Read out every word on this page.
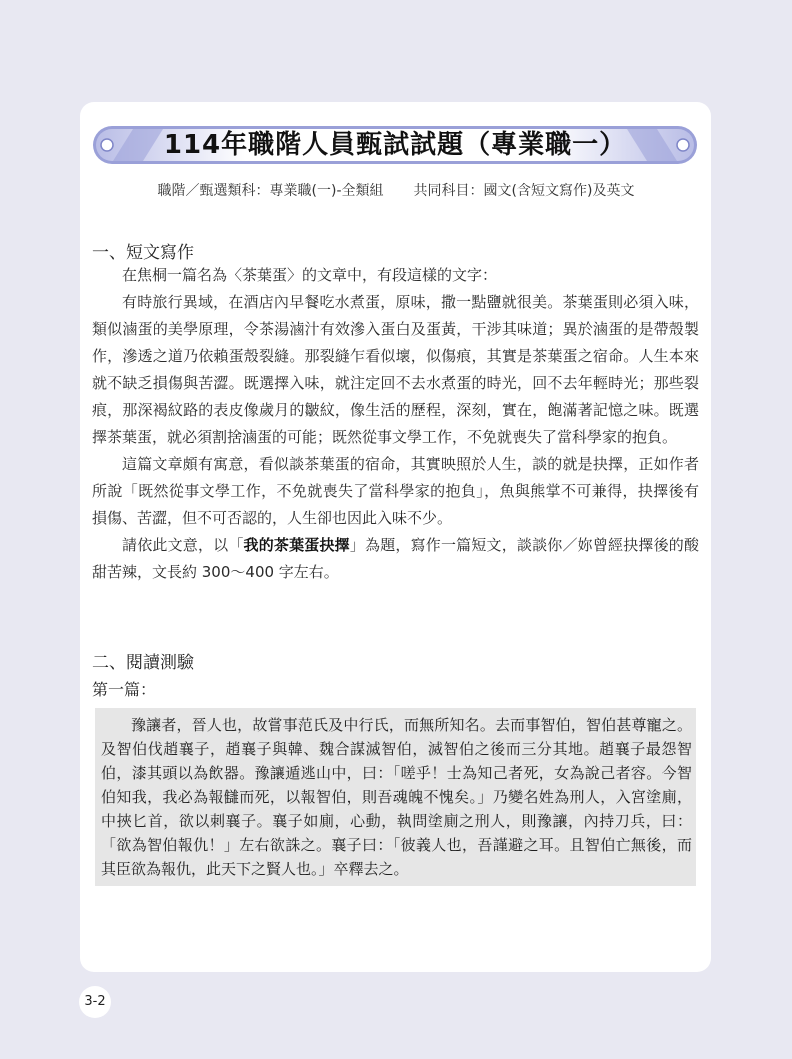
114年職階人員甄試試題（專業職一）
職階／甄選類科：專業職(一)-全類組 共同科目：國文(含短文寫作)及英文
一、短文寫作

在焦桐一篇名為〈茶葉蛋〉的文章中，有段這樣的文字：

有時旅行異域，在酒店內早餐吃水煮蛋，原味，撒一點鹽就很美。茶葉蛋則必須入味，類似滷蛋的美學原理，令茶湯滷汁有效滲入蛋白及蛋黃，干涉其味道；異於滷蛋的是帶殼製作，滲透之道乃依賴蛋殼裂縫。那裂縫乍看似壞，似傷痕，其實是茶葉蛋之宿命。人生本來就不缺乏損傷與苦澀。既選擇入味，就注定回不去水煮蛋的時光，回不去年輕時光；那些裂痕，那深褐紋路的表皮像歲月的皺紋，像生活的歷程，深刻，實在，飽滿著記憶之味。既選擇茶葉蛋，就必須割捨滷蛋的可能；既然從事文學工作，不免就喪失了當科學家的抱負。

這篇文章頗有寓意，看似談茶葉蛋的宿命，其實映照於人生，談的就是抉擇，正如作者所說「既然從事文學工作，不免就喪失了當科學家的抱負」，魚與熊掌不可兼得，抉擇後有損傷、苦澀，但不可否認的，人生卻也因此入味不少。

請依此文意，以「我的茶葉蛋抉擇」為題，寫作一篇短文，談談你／妳曾經抉擇後的酸甜苦辣，文長約 300～400 字左右。

二、閱讀測驗
第一篇：

豫讓者，晉人也，故嘗事范氏及中行氏，而無所知名。去而事智伯，智伯甚尊寵之。及智伯伐趙襄子，趙襄子與韓、魏合謀滅智伯，滅智伯之後而三分其地。趙襄子最怨智伯，漆其頭以為飲器。豫讓遁逃山中，曰：「嗟乎！士為知己者死，女為說己者容。今智伯知我，我必為報讎而死，以報智伯，則吾魂魄不愧矣。」乃變名姓為刑人，入宮塗廁，中挾匕首，欲以刺襄子。襄子如廁，心動，執問塗廁之刑人，則豫讓，內持刀兵，曰：「欲為智伯報仇！」左右欲誅之。襄子曰：「彼義人也，吾謹避之耳。且智伯亡無後，而其臣欲為報仇，此天下之賢人也。」卒釋去之。

3-2
